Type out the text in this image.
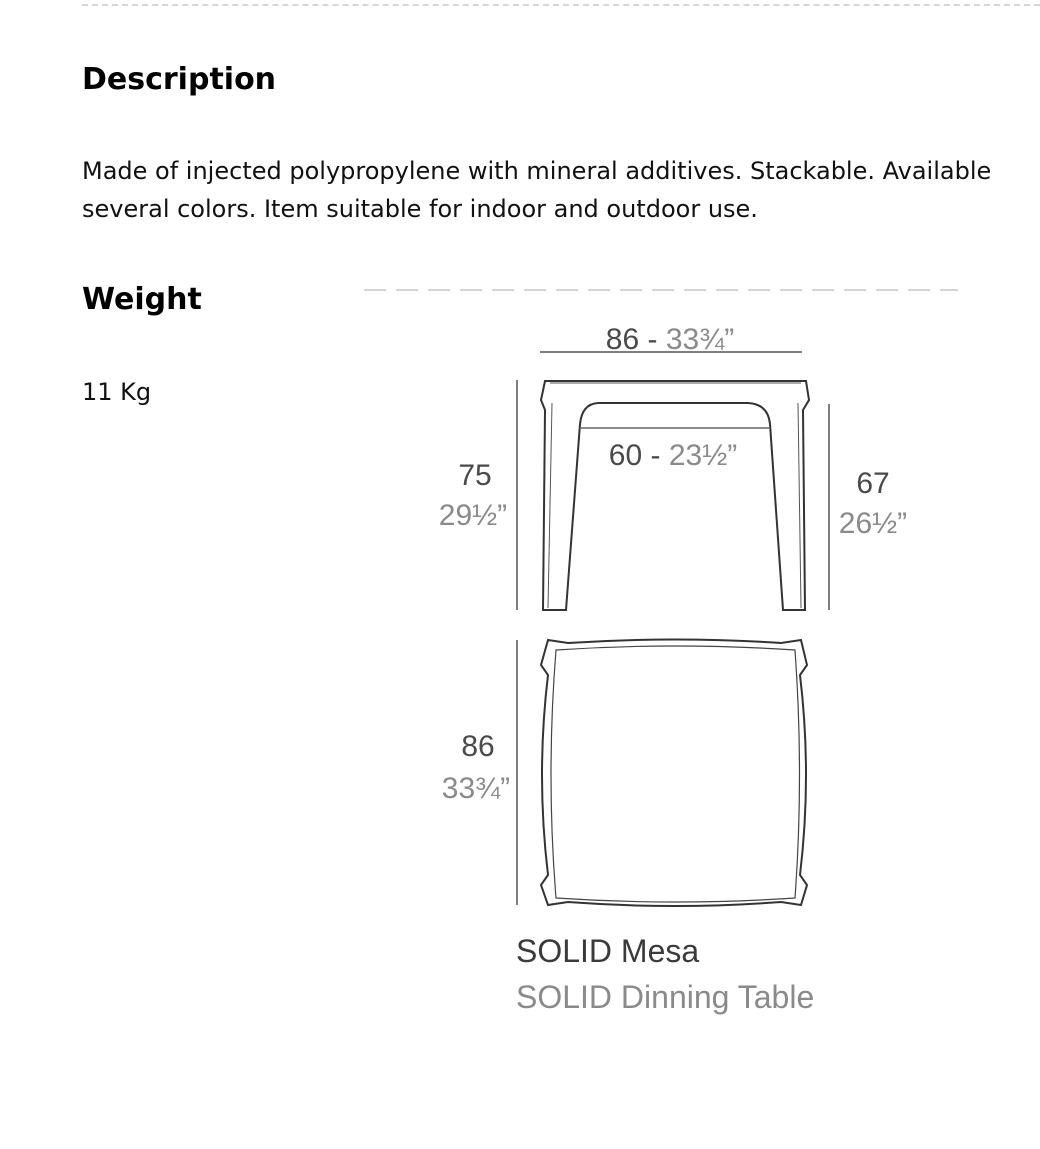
Description

Made of injected polypropylene with mineral additives. Stackable. Available
several colors. Item suitable for indoor and outdoor use.

Weight

11 Kg

86 - 33¾”
60 - 23½”
75
29½”
67
26½”
86
33¾”
SOLID Mesa
SOLID Dinning Table
